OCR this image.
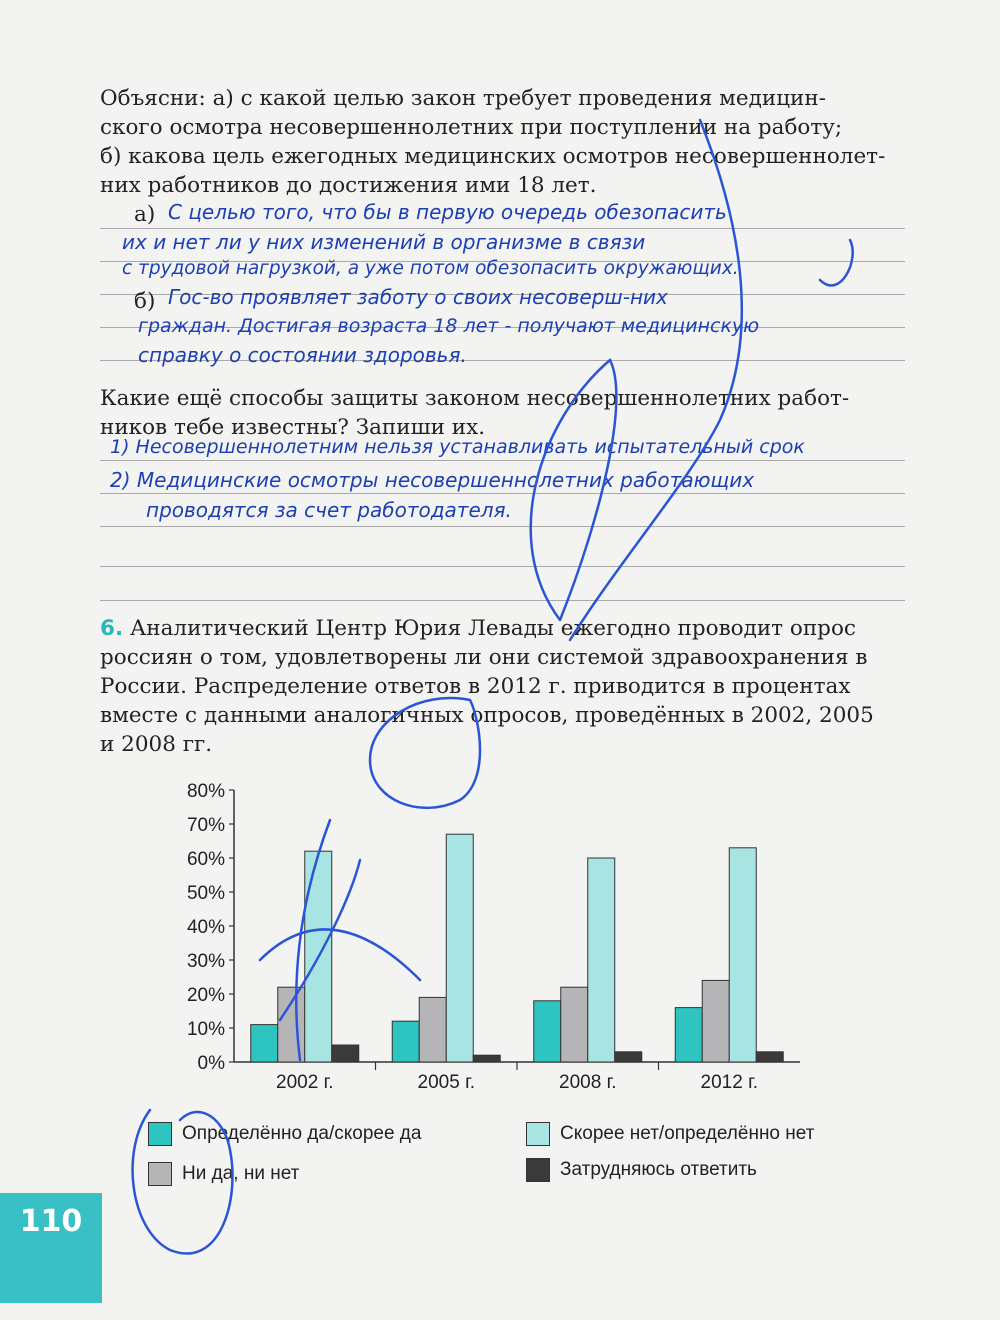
Объясни: а) с какой целью закон требует проведения медицин-
ского осмотра несовершеннолетних при поступлении на работу;
б) какова цель ежегодных медицинских осмотров несовершеннолет-
них работников до достижения ими 18 лет.
а) С целью того, что бы в первую очередь обезопасить
их и нет ли у них изменений в организме в связи
с трудовой нагрузкой, а уже потом обезопасить окружающих.
б) Гос-во проявляет заботу о своих несоверш-них
граждан. Достигая возраста 18 лет - получают медицинскую
справку о состоянии здоровья.
Какие ещё способы защиты законом несовершеннолетних работ-
ников тебе известны? Запиши их.
1) Несовершеннолетним нельзя устанавливать испытательный срок
2) Медицинские осмотры несовершеннолетних работающих
проводятся за счет работодателя.
6. Аналитический Центр Юрия Левады ежегодно проводит опрос
россиян о том, удовлетворены ли они системой здравоохранения в
России. Распределение ответов в 2012 г. приводится в процентах
вместе с данными аналогичных опросов, проведённых в 2002, 2005
и 2008 гг.
0%
10%
20%
30%
40%
50%
60%
70%
80%
2002 г.	2005 г.	2008 г.	2012 г.
Определённо да/скорее да	Скорее нет/определённо нет
Ни да, ни нет	Затрудняюсь ответить
110
